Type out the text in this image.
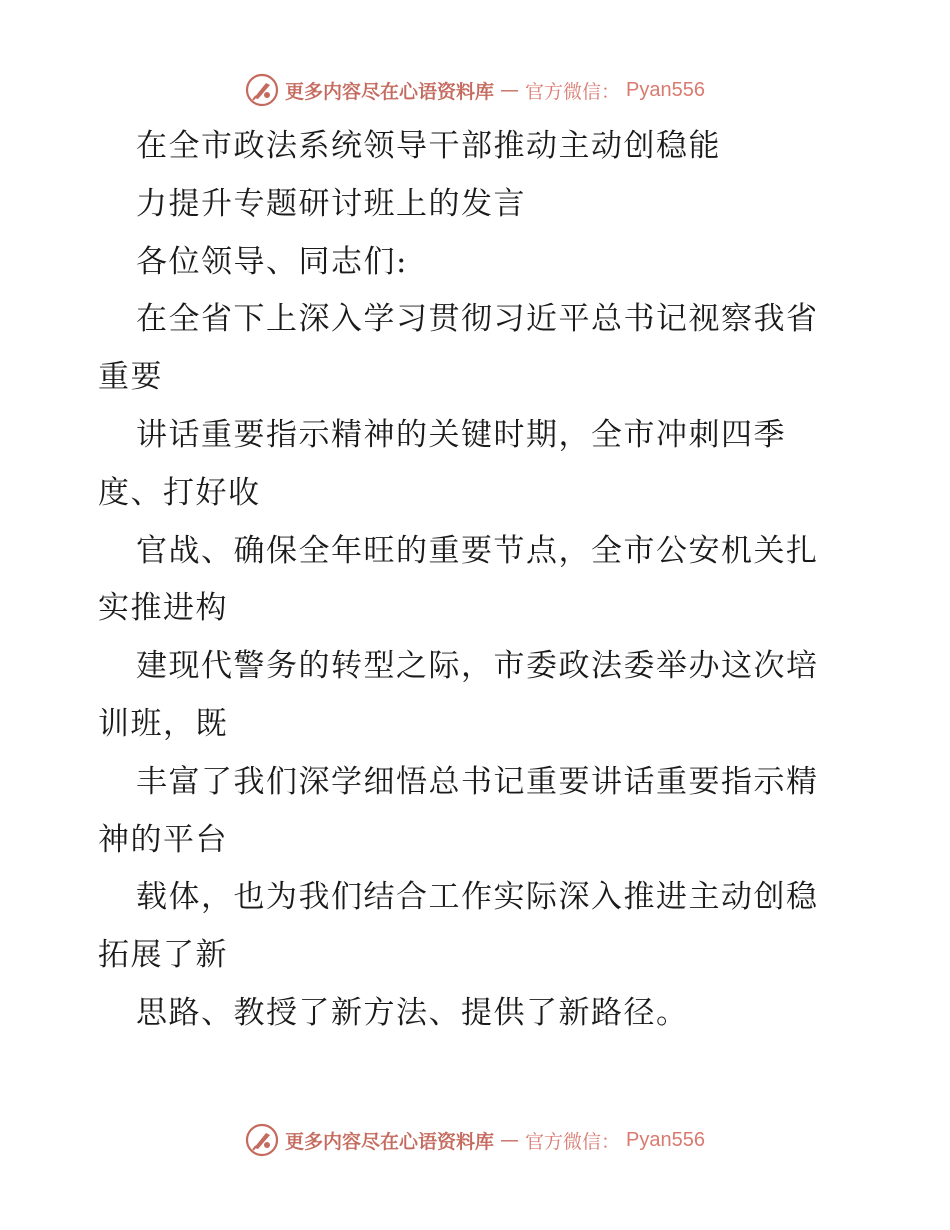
更多内容尽在心语资料库 — 官方微信： Pyan556
在全市政法系统领导干部推动主动创稳能
力提升专题研讨班上的发言
各位领导、同志们:
在全省下上深入学习贯彻习近平总书记视察我省
重要
讲话重要指示精神的关键时期，全市冲刺四季
度、打好收
官战、确保全年旺的重要节点，全市公安机关扎
实推进构
建现代警务的转型之际，市委政法委举办这次培
训班，既
丰富了我们深学细悟总书记重要讲话重要指示精
神的平台
载体，也为我们结合工作实际深入推进主动创稳
拓展了新
思路、教授了新方法、提供了新路径。
更多内容尽在心语资料库 — 官方微信： Pyan556
